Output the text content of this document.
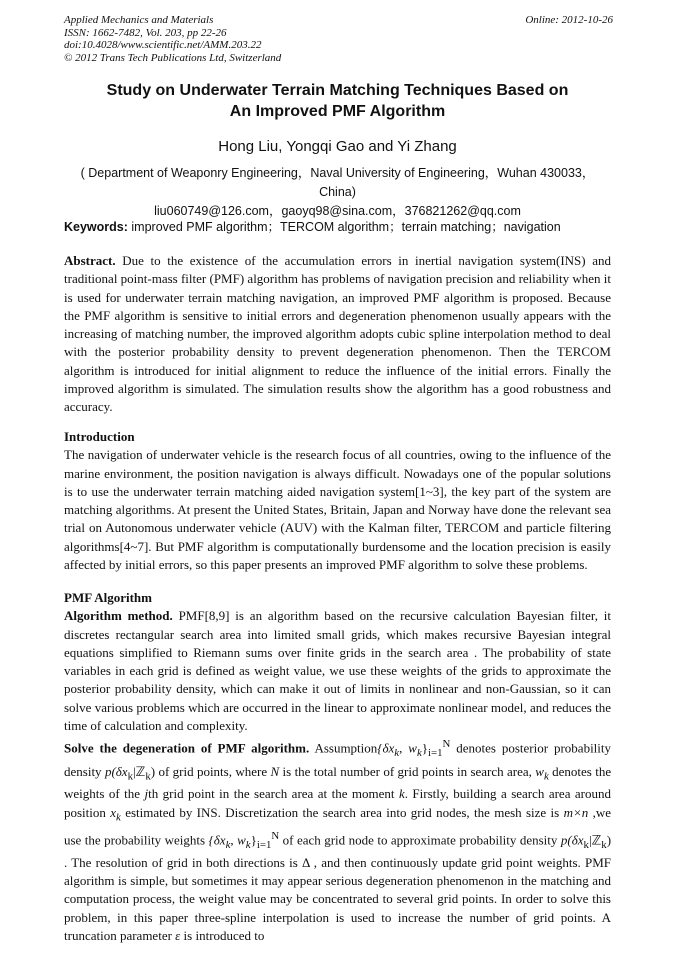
Applied Mechanics and Materials
ISSN: 1662-7482, Vol. 203, pp 22-26
doi:10.4028/www.scientific.net/AMM.203.22
© 2012 Trans Tech Publications Ltd, Switzerland
Online: 2012-10-26
Study on Underwater Terrain Matching Techniques Based on An Improved PMF Algorithm
Hong Liu, Yongqi Gao and Yi Zhang
( Department of Weaponry Engineering，Naval University of Engineering，Wuhan 430033，China)
liu060749@126.com，gaoyq98@sina.com，376821262@qq.com
Keywords: improved PMF algorithm；TERCOM algorithm；terrain matching；navigation
Abstract. Due to the existence of the accumulation errors in inertial navigation system(INS) and traditional point-mass filter (PMF) algorithm has problems of navigation precision and reliability when it is used for underwater terrain matching navigation, an improved PMF algorithm is proposed. Because the PMF algorithm is sensitive to initial errors and degeneration phenomenon usually appears with the increasing of matching number, the improved algorithm adopts cubic spline interpolation method to deal with the posterior probability density to prevent degeneration phenomenon. Then the TERCOM algorithm is introduced for initial alignment to reduce the influence of the initial errors. Finally the improved algorithm is simulated. The simulation results show the algorithm has a good robustness and accuracy.
Introduction
The navigation of underwater vehicle is the research focus of all countries, owing to the influence of the marine environment, the position navigation is always difficult. Nowadays one of the popular solutions is to use the underwater terrain matching aided navigation system[1~3], the key part of the system are matching algorithms. At present the United States, Britain, Japan and Norway have done the relevant sea trial on Autonomous underwater vehicle (AUV) with the Kalman filter, TERCOM and particle filtering algorithms[4~7]. But PMF algorithm is computationally burdensome and the location precision is easily affected by initial errors, so this paper presents an improved PMF algorithm to solve these problems.
PMF Algorithm
Algorithm method. PMF[8,9] is an algorithm based on the recursive calculation Bayesian filter, it discretes rectangular search area into limited small grids, which makes recursive Bayesian integral equations simplified to Riemann sums over finite grids in the search area . The probability of state variables in each grid is defined as weight value, we use these weights of the grids to approximate the posterior probability density, which can make it out of limits in nonlinear and non-Gaussian, so it can solve various problems which are occurred in the linear to approximate nonlinear model, and reduces the time of calculation and complexity.
Solve the degeneration of PMF algorithm. $Assumption\{\delta x_k$, $w_k\}_{i=1}^N$ denotes posterior probability density $p(\delta x_k|ℤ_k)$ of grid points, where N is the total number of grid points in search area, $w_k$ denotes the weights of the jth grid point in the search area at the moment k. Firstly, building a search area around position $x_k$ estimated by INS. Discretization the search area into grid nodes, the mesh size is m×n ,we use the probability weights {$\delta x_k$, $w_k\}_{i=1}^N$ of each grid node to approximate probability density $p(\delta x_k|ℤ_k)$ . The resolution of grid in both directions is Δ , and then continuously update grid point weights. PMF algorithm is simple, but sometimes it may appear serious degeneration phenomenon in the matching and computation process, the weight value may be concentrated to several grid points. In order to solve this problem, in this paper three-spline interpolation is used to increase the number of grid points. A truncation parameter ε is introduced to
